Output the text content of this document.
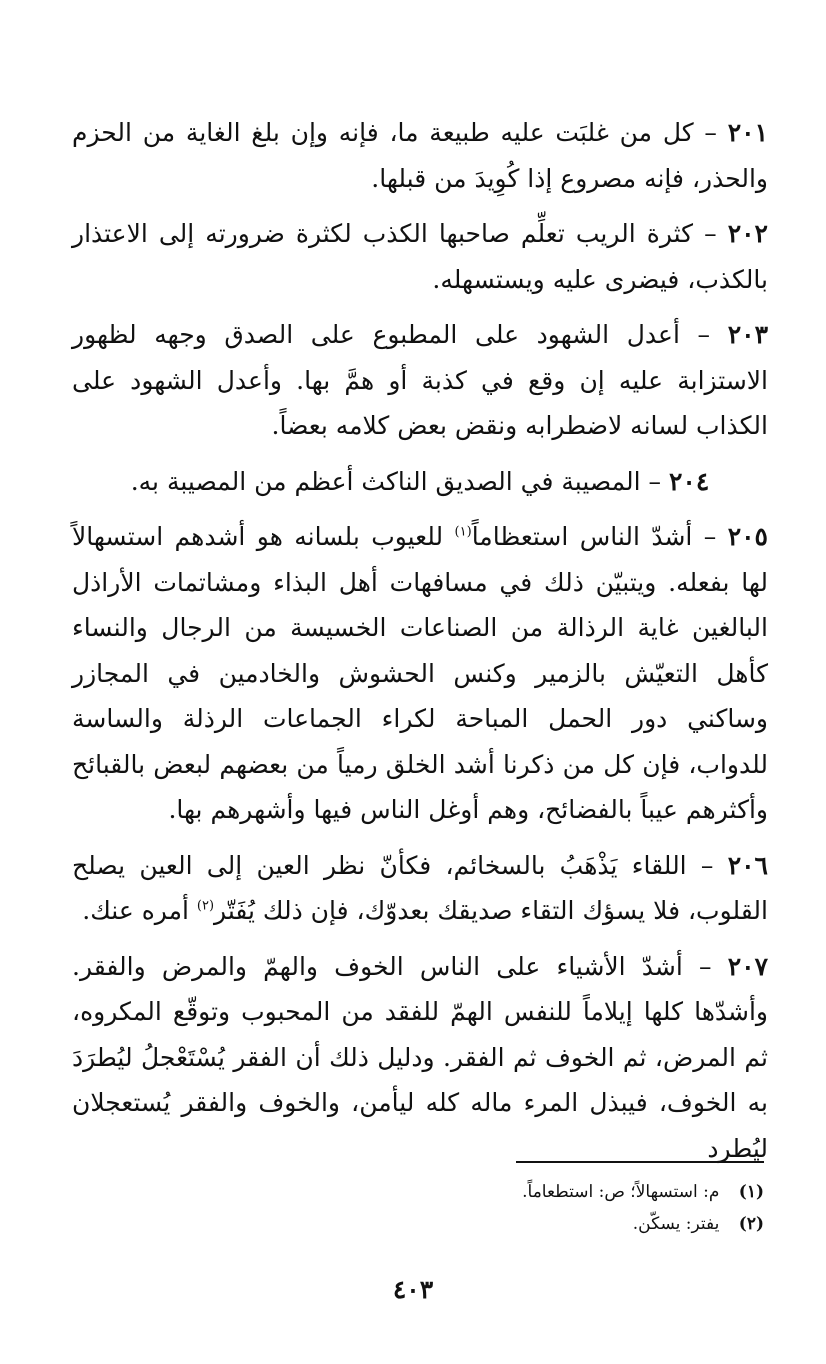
٢٠١ – كل من غلبَت عليه طبيعة ما، فإنه وإن بلغ الغاية من الحزم والحذر، فإنه مصروع إذا كُوِيدَ من قبلها.

٢٠٢ – كثرة الريب تعلِّم صاحبها الكذب لكثرة ضرورته إلى الاعتذار بالكذب، فيضرى عليه ويستسهله.

٢٠٣ – أعدل الشهود على المطبوع على الصدق وجهه لظهور الاستزابة عليه إن وقع في كذبة أو همَّ بها. وأعدل الشهود على الكذاب لسانه لاضطرابه ونقض بعض كلامه بعضاً.

٢٠٤ – المصيبة في الصديق الناكث أعظم من المصيبة به.

٢٠٥ – أشدّ الناس استعظاماً$^{(١)}$ للعيوب بلسانه هو أشدهم استسهالاً لها بفعله. ويتبيّن ذلك في مسافهات أهل البذاء ومشاتمات الأراذل البالغين غاية الرذالة من الصناعات الخسيسة من الرجال والنساء كأهل التعيّش بالزمير وكنس الحشوش والخادمين في المجازر وساكني دور الحمل المباحة لكراء الجماعات الرذلة والساسة للدواب، فإن كل من ذكرنا أشد الخلق رمياً من بعضهم لبعض بالقبائح وأكثرهم عيباً بالفضائح، وهم أوغل الناس فيها وأشهرهم بها.

٢٠٦ – اللقاء يَذْهَبُ بالسخائم، فكأنّ نظر العين إلى العين يصلح القلوب، فلا يسؤك التقاء صديقك بعدوّك، فإن ذلك يُفَتّر$^{(٢)}$ أمره عنك.

٢٠٧ – أشدّ الأشياء على الناس الخوف والهمّ والمرض والفقر. وأشدّها كلها إيلاماً للنفس الهمّ للفقد من المحبوب وتوقّع المكروه، ثم المرض، ثم الخوف ثم الفقر. ودليل ذلك أن الفقر يُسْتَعْجلُ ليُطرَدَ به الخوف، فيبذل المرء ماله كله ليأمن، والخوف والفقر يُستعجلان ليُطرد

(١) م: استسهالاً؛ ص: استطعاماً.
(٢) يفتر: يسكّن.
٤٠٣
